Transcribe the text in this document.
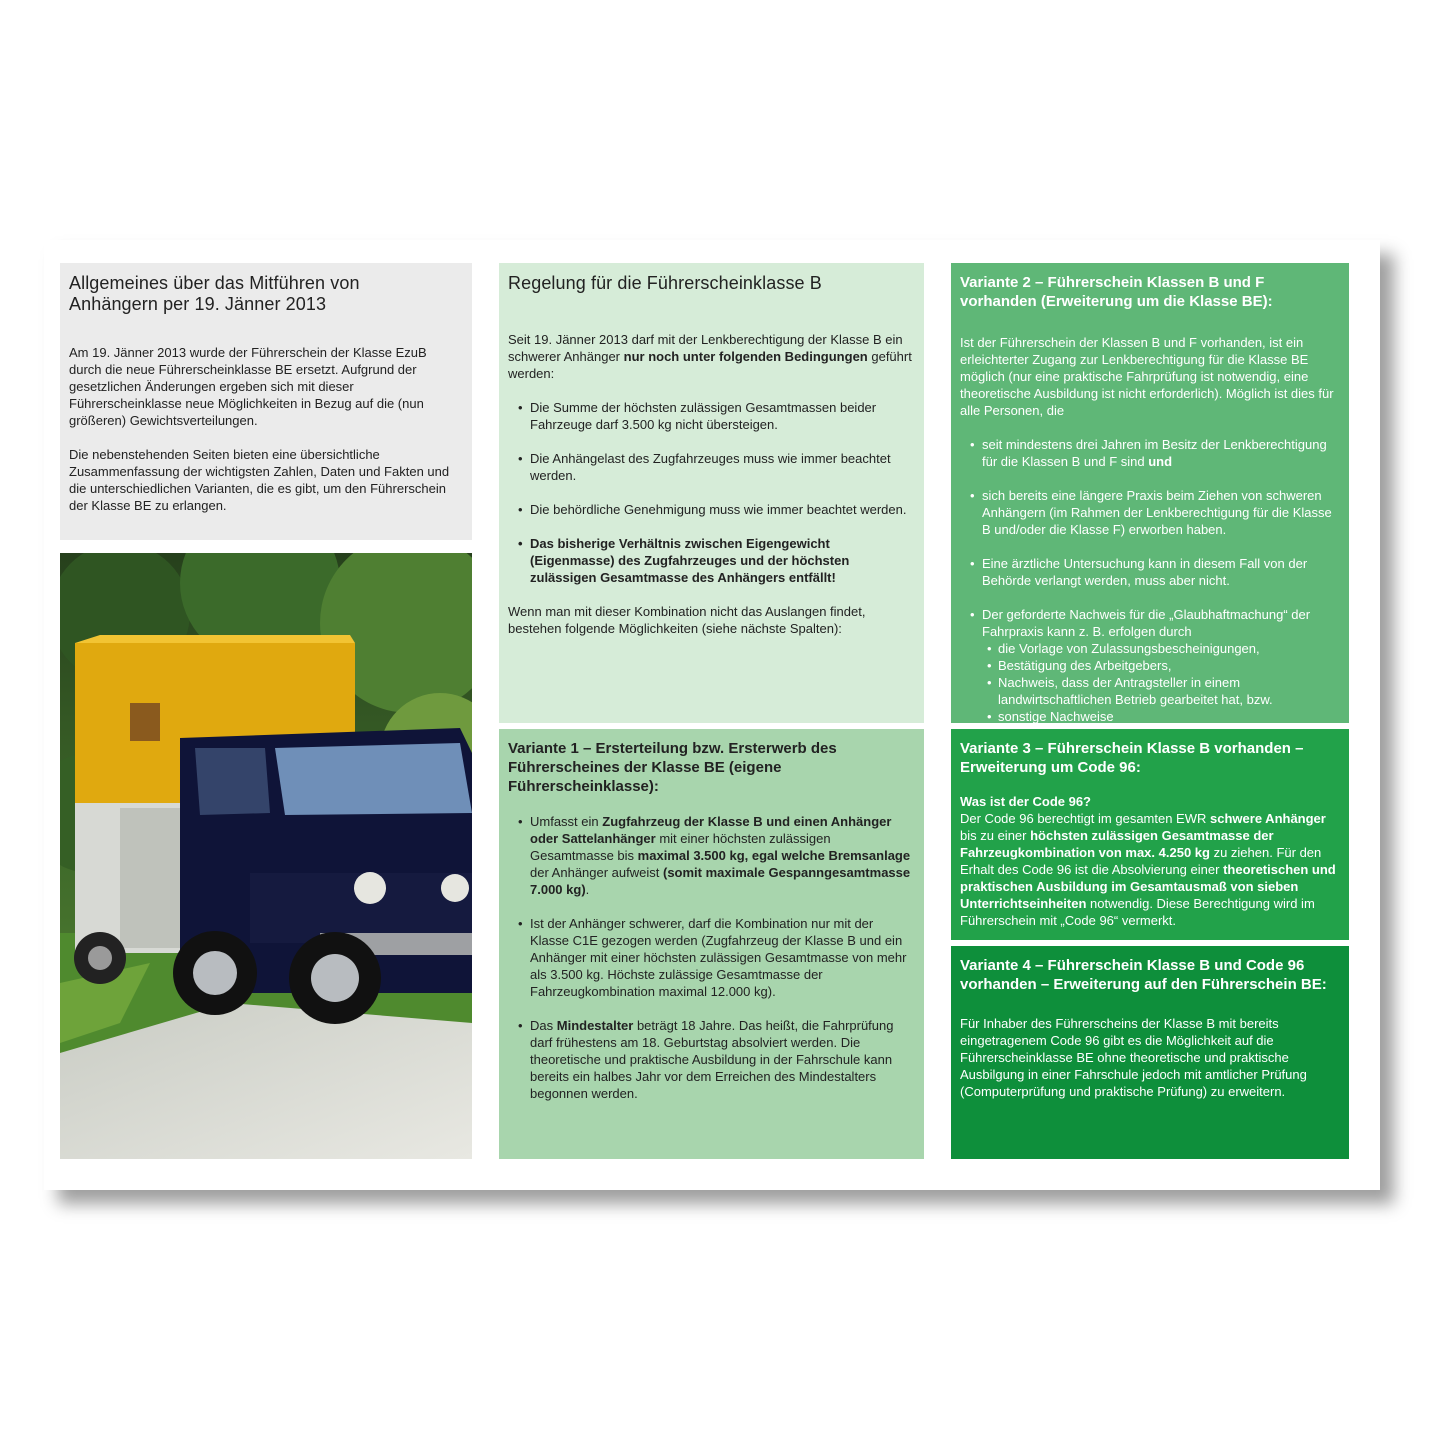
Allgemeines über das Mitführen von
Anhängern per 19. Jänner 2013

Am 19. Jänner 2013 wurde der Führerschein der Klasse EzuB durch die neue Führerscheinklasse BE ersetzt. Aufgrund der gesetzlichen Änderungen ergeben sich mit dieser Führerscheinklasse neue Möglichkeiten in Bezug auf die (nun größeren) Gewichtsverteilungen.

Die nebenstehenden Seiten bieten eine übersichtliche Zusammenfassung der wichtigsten Zahlen, Daten und Fakten und die unterschiedlichen Varianten, die es gibt, um den Führerschein der Klasse BE zu erlangen.

Regelung für die Führerscheinklasse B

Seit 19. Jänner 2013 darf mit der Lenkberechtigung der Klasse B ein schwerer Anhänger nur noch unter folgenden Bedingungen geführt werden:

• Die Summe der höchsten zulässigen Gesamtmassen beider Fahrzeuge darf 3.500 kg nicht übersteigen.
• Die Anhängelast des Zugfahrzeuges muss wie immer beachtet werden.
• Die behördliche Genehmigung muss wie immer beachtet werden.
• Das bisherige Verhältnis zwischen Eigengewicht (Eigenmasse) des Zugfahrzeuges und der höchsten zulässigen Gesamtmasse des Anhängers entfällt!

Wenn man mit dieser Kombination nicht das Auslangen findet, bestehen folgende Möglichkeiten (siehe nächste Spalten):

Variante 1 – Ersterteilung bzw. Ersterwerb des Führerscheines der Klasse BE (eigene Führerscheinklasse):
• Umfasst ein Zugfahrzeug der Klasse B und einen Anhänger oder Sattelanhänger mit einer höchsten zulässigen Gesamtmasse bis maximal 3.500 kg, egal welche Bremsanlage der Anhänger aufweist (somit maximale Gespanngesamtmasse 7.000 kg).
• Ist der Anhänger schwerer, darf die Kombination nur mit der Klasse C1E gezogen werden (Zugfahrzeug der Klasse B und ein Anhänger mit einer höchsten zulässigen Gesamtmasse von mehr als 3.500 kg. Höchste zulässige Gesamtmasse der Fahrzeugkombination maximal 12.000 kg).
• Das Mindestalter beträgt 18 Jahre. Das heißt, die Fahrprüfung darf frühestens am 18. Geburtstag absolviert werden. Die theoretische und praktische Ausbildung in der Fahrschule kann bereits ein halbes Jahr vor dem Erreichen des Mindestalters begonnen werden.
Variante 2 – Führerschein Klassen B und F vorhanden (Erweiterung um die Klasse BE):

Ist der Führerschein der Klassen B und F vorhanden, ist ein erleichterter Zugang zur Lenkberechtigung für die Klasse BE möglich (nur eine praktische Fahrprüfung ist notwendig, eine theoretische Ausbildung ist nicht erforderlich). Möglich ist dies für alle Personen, die

• seit mindestens drei Jahren im Besitz der Lenkberechtigung für die Klassen B und F sind und
• sich bereits eine längere Praxis beim Ziehen von schweren Anhängern (im Rahmen der Lenkberechtigung für die Klasse B und/oder die Klasse F) erworben haben.
• Eine ärztliche Untersuchung kann in diesem Fall von der Behörde verlangt werden, muss aber nicht.
• Der geforderte Nachweis für die „Glaubhaftmachung“ der Fahrpraxis kann z. B. erfolgen durch
• die Vorlage von Zulassungsbescheinigungen,
• Bestätigung des Arbeitgebers,
• Nachweis, dass der Antragsteller in einem landwirtschaftlichen Betrieb gearbeitet hat, bzw.
• sonstige Nachweise
Variante 3 – Führerschein Klasse B vorhanden – Erweiterung um Code 96:

Was ist der Code 96?

Der Code 96 berechtigt im gesamten EWR schwere Anhänger bis zu einer höchsten zulässigen Gesamtmasse der Fahrzeugkombination von max. 4.250 kg zu ziehen. Für den Erhalt des Code 96 ist die Absolvierung einer theoretischen und praktischen Ausbildung im Gesamtausmaß von sieben Unterrichtseinheiten notwendig. Diese Berechtigung wird im Führerschein mit „Code 96“ vermerkt.

Variante 4 – Führerschein Klasse B und Code 96 vorhanden – Erweiterung auf den Führerschein BE:

Für Inhaber des Führerscheins der Klasse B mit bereits eingetragenem Code 96 gibt es die Möglichkeit auf die Führerscheinklasse BE ohne theoretische und praktische Ausbilgung in einer Fahrschule jedoch mit amtlicher Prüfung (Computerprüfung und praktische Prüfung) zu erweitern.
